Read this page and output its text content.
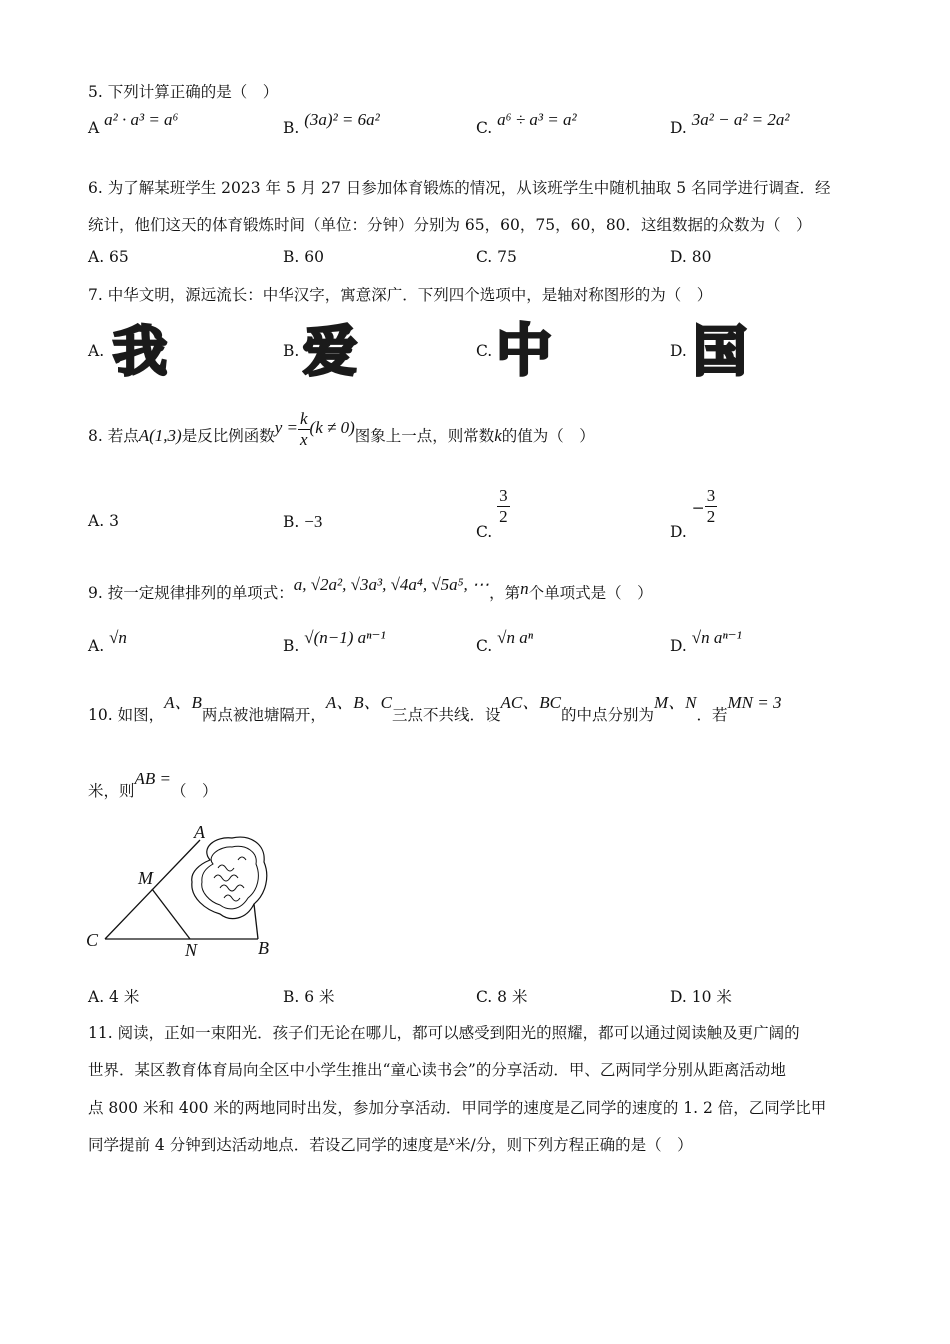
5. 下列计算正确的是（　）
A a² · a³ = a⁶	B. (3a)² = 6a²	C. a⁶ ÷ a³ = a²	D. 3a² − a² = 2a²
6. 为了解某班学生 2023 年 5 月 27 日参加体育锻炼的情况，从该班学生中随机抽取 5 名同学进行调查．经
统计，他们这天的体育锻炼时间（单位：分钟）分别为 65，60，75，60，80．这组数据的众数为（　）
A. 65	B. 60	C. 75	D. 80
7. 中华文明，源远流长：中华汉字，寓意深广．下列四个选项中，是轴对称图形的为（　）
A. 我	B. 爱	C. 中	D. 国
8. 若点A(1,3)是反比例函数$y = \frac{k}{x} (k \ne 0)$图象上一点，则常数k的值为（　）
A. 3	B. −3
C.
$\frac{3}{2}$
D. − $\frac{3}{2}$
9. 按一定规律排列的单项式：a, √2a², √3a³, √4a⁴, √5a⁵, ⋯，第n个单项式是（　）
A. √n	B. √(n−1) aⁿ⁻¹	C. √n aⁿ	D. √n aⁿ⁻¹
10. 如图，A、B两点被池塘隔开，A、B、C三点不共线．设AC、BC的中点分别为M、N．若MN = 3
米，则AB =（　）
A
M
C	N	B
A. 4 米	B. 6 米	C. 8 米	D. 10 米
11. 阅读，正如一束阳光．孩子们无论在哪儿，都可以感受到阳光的照耀，都可以通过阅读触及更广阔的
世界．某区教育体育局向全区中小学生推出“童心读书会”的分享活动．甲、乙两同学分别从距离活动地
点 800 米和 400 米的两地同时出发，参加分享活动．甲同学的速度是乙同学的速度的 1. 2 倍，乙同学比甲
同学提前 4 分钟到达活动地点．若设乙同学的速度是x米/分，则下列方程正确的是（　）
